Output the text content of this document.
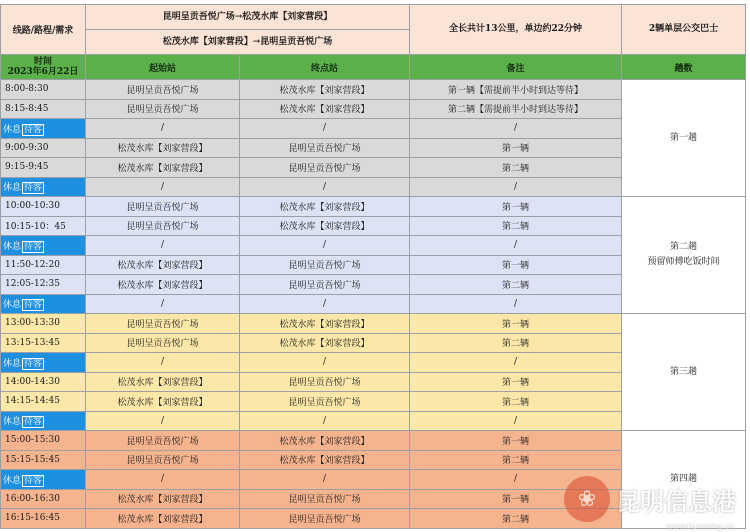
线路/路程/需求	昆明呈贡吾悦广场→松茂水库【刘家营段】		全长共计13公里，单边约22分钟	2辆单层公交巴士
	松茂水库【刘家营段】→昆明呈贡吾悦广场			

时间
2023年6月22日	起始站	终点站	备注	趟数
8:00-8:30	昆明呈贡吾悦广场	松茂水库【刘家营段】	第一辆【需提前半小时到达等待】	第一趟

8:15-8:45	昆明呈贡吾悦广场	松茂水库【刘家营段】	第二辆【需提前半小时到达等待】	
休息 待客	/	/	/	
9:00-9:30	松茂水库【刘家营段】	昆明呈贡吾悦广场	第一辆	
9:15-9:45	松茂水库【刘家营段】	昆明呈贡吾悦广场	第二辆	
休息 待客	/	/	/	
10:00-10:30	昆明呈贡吾悦广场	松茂水库【刘家营段】	第一辆	第二趟
预留师傅吃饭时间

10:15-10：45	昆明呈贡吾悦广场	松茂水库【刘家营段】	第二辆	
休息 待客	/	/	/	
11:50-12:20	松茂水库【刘家营段】	昆明呈贡吾悦广场	第一辆	
12:05-12:35	松茂水库【刘家营段】	昆明呈贡吾悦广场	第二辆	
休息 待客	/	/	/	
13:00-13:30	昆明呈贡吾悦广场	松茂水库【刘家营段】	第一辆	第三趟

13:15-13:45	昆明呈贡吾悦广场	松茂水库【刘家营段】	第二辆	
休息 待客	/	/	/	
14:00-14:30	松茂水库【刘家营段】	昆明呈贡吾悦广场	第一辆	
14:15-14:45	松茂水库【刘家营段】	昆明呈贡吾悦广场	第二辆	
休息 待客	/	/	/	
15:00-15:30	昆明呈贡吾悦广场	松茂水库【刘家营段】	第一辆	第四趟

15:15-15:45	昆明呈贡吾悦广场	松茂水库【刘家营段】	第二辆	
休息 待客	/	/	/	
16:00-16:30	松茂水库【刘家营段】	昆明呈贡吾悦广场	第一辆	
16:15-16:45	松茂水库【刘家营段】	昆明呈贡吾悦广场	第二辆	
❀ 昆明信息港
www.kunming.cn
